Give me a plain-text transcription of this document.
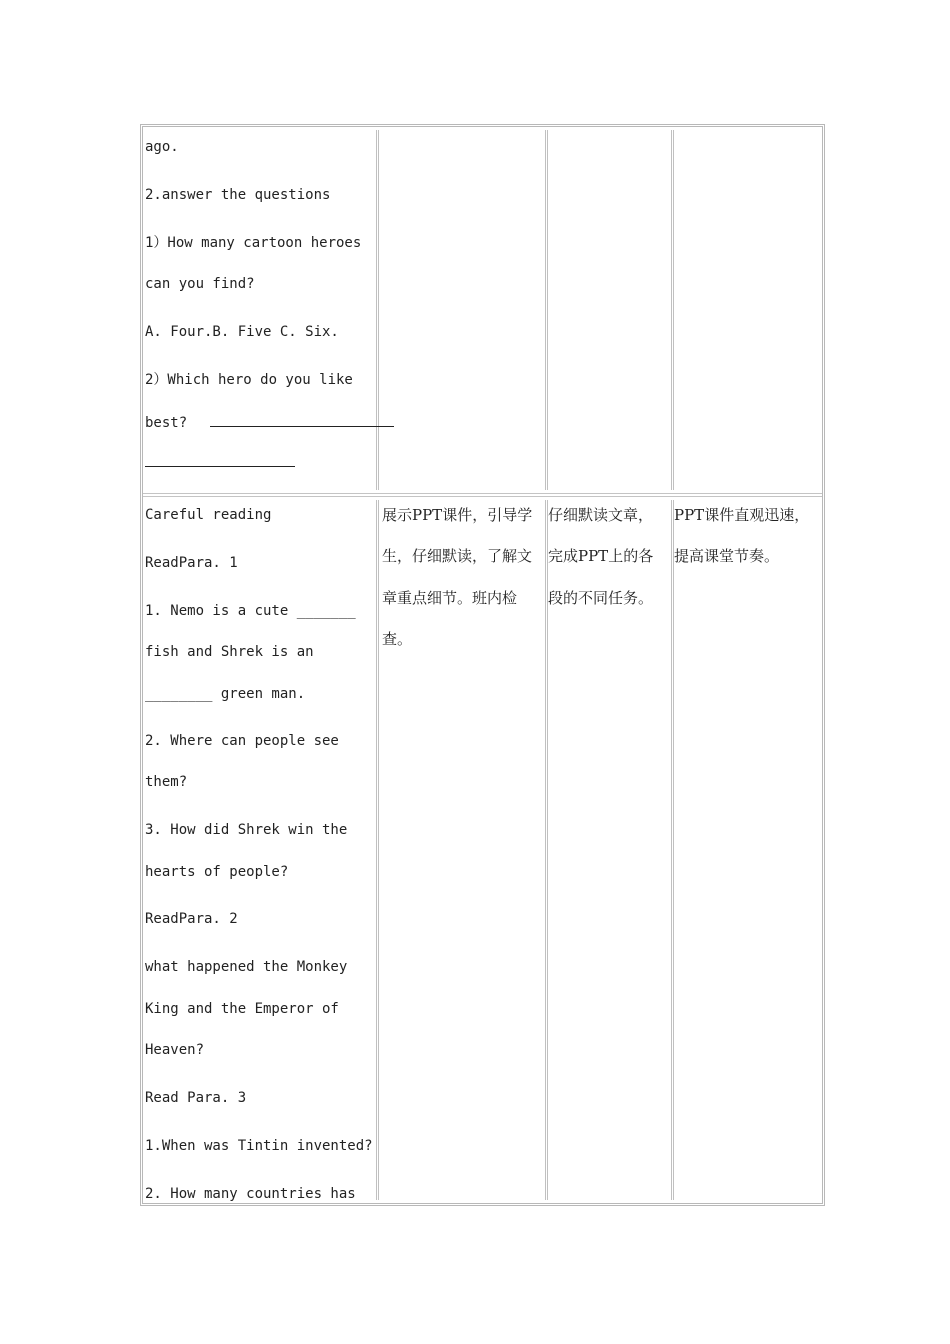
ago.
2.answer the questions
1）How many cartoon heroes
can you find?
A. Four.B. Five C. Six.
2）Which hero do you like
best?
Careful reading
ReadPara. 1
1. Nemo is a cute _______
fish and Shrek is an
________ green man.
2. Where can people see
them?
3. How did Shrek win the
hearts of people?
ReadPara. 2
what happened the Monkey
King and the Emperor of
Heaven?
Read Para. 3
1.When was Tintin invented?
2. How many countries has
展示PPT课件，引导学
生，仔细默读，了解文
章重点细节。班内检
查。
仔细默读文章，
完成PPT上的各
段的不同任务。
PPT课件直观迅速，
提高课堂节奏。
